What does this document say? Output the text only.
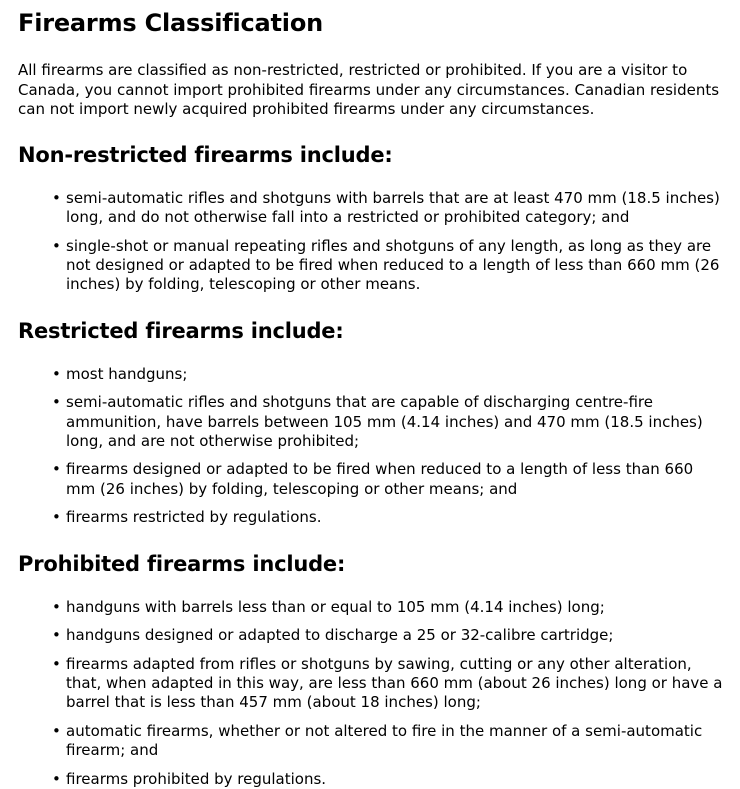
Firearms Classification

All firearms are classified as non-restricted, restricted or prohibited. If you are a visitor to Canada, you cannot import prohibited firearms under any circumstances. Canadian residents can not import newly acquired prohibited firearms under any circumstances.

Non-restricted firearms include:
• semi-automatic rifles and shotguns with barrels that are at least 470 mm (18.5 inches) long, and do not otherwise fall into a restricted or prohibited category; and
• single-shot or manual repeating rifles and shotguns of any length, as long as they are not designed or adapted to be fired when reduced to a length of less than 660 mm (26 inches) by folding, telescoping or other means.
Restricted firearms include:
• most handguns;
• semi-automatic rifles and shotguns that are capable of discharging centre-fire ammunition, have barrels between 105 mm (4.14 inches) and 470 mm (18.5 inches) long, and are not otherwise prohibited;
• firearms designed or adapted to be fired when reduced to a length of less than 660 mm (26 inches) by folding, telescoping or other means; and
• firearms restricted by regulations.
Prohibited firearms include:
• handguns with barrels less than or equal to 105 mm (4.14 inches) long;
• handguns designed or adapted to discharge a 25 or 32-calibre cartridge;
• firearms adapted from rifles or shotguns by sawing, cutting or any other alteration, that, when adapted in this way, are less than 660 mm (about 26 inches) long or have a barrel that is less than 457 mm (about 18 inches) long;
• automatic firearms, whether or not altered to fire in the manner of a semi-automatic firearm; and
• firearms prohibited by regulations.
